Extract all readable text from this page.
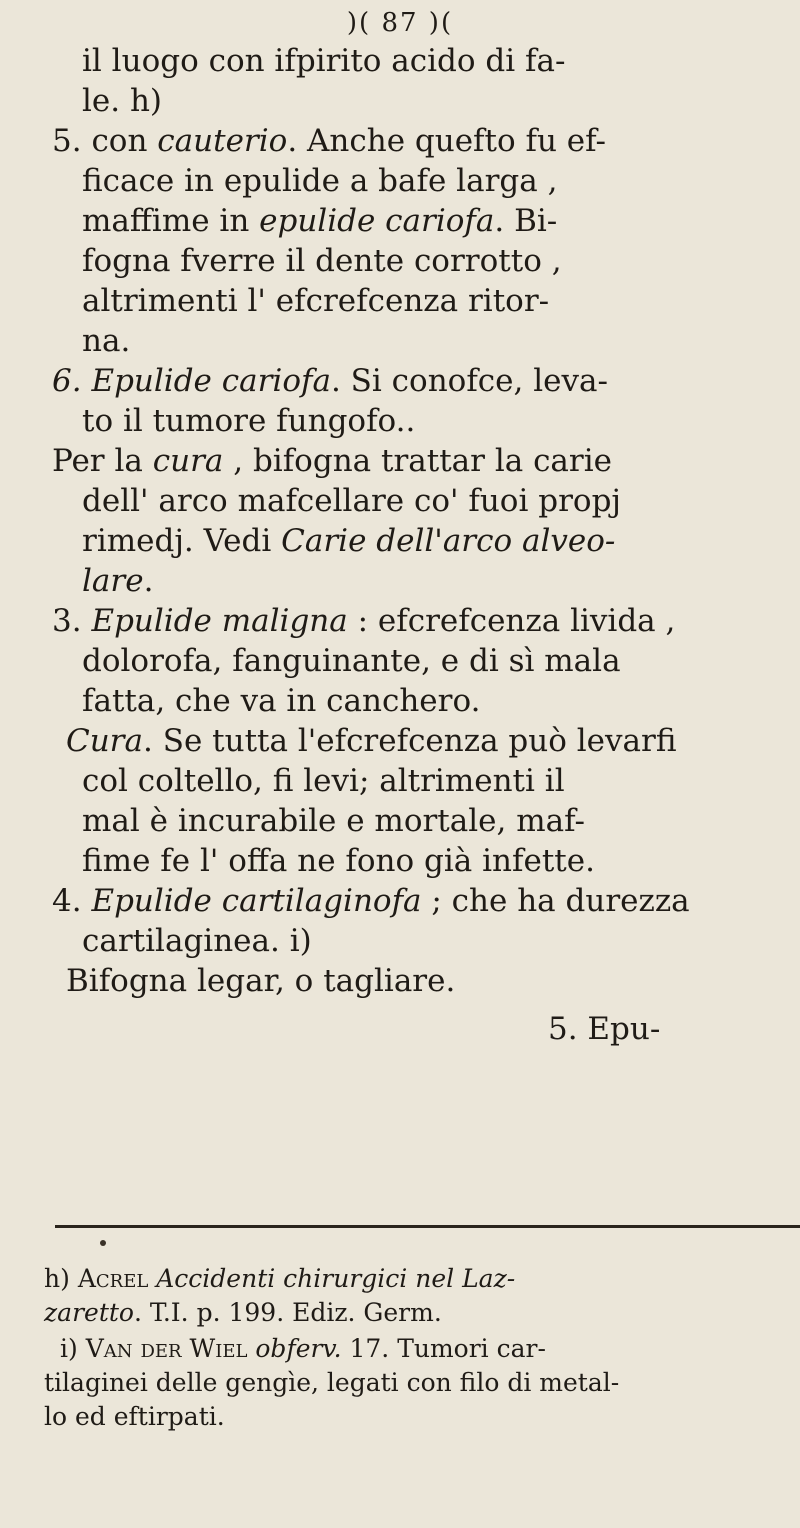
)( 87 )(
il luogo con ifpirito acido di fa-
le. h)
5. con cauterio. Anche quefto fu ef-
ficace in epulide a bafe larga ,
maffime in epulide cariofa. Bi-
fogna fverre il dente corrotto ,
altrimenti l' efcrefcenza ritor-
na.
6. Epulide cariofa. Si conofce, leva-
to il tumore fungofo..
Per la cura , bifogna trattar la carie
dell' arco mafcellare co' fuoi propj
rimedj. Vedi Carie dell'arco alveo-
lare.
3. Epulide maligna : efcrefcenza livida ,
dolorofa, fanguinante, e di sì mala
fatta, che va in canchero.
Cura. Se tutta l'efcrefcenza può levarfi
col coltello, fi levi; altrimenti il
mal è incurabile e mortale, maf-
fime fe l' offa ne fono già infette.
4. Epulide cartilaginofa ; che ha durezza
cartilaginea. i)
Bifogna legar, o tagliare.
5. Epu-
h) Acrel Accidenti chirurgici nel Laz-
zaretto. T.I. p. 199. Ediz. Germ.
i) Van der Wiel obferv. 17. Tumori car-
tilaginei delle gengìe, legati con filo di metal-
lo ed eftirpati.
